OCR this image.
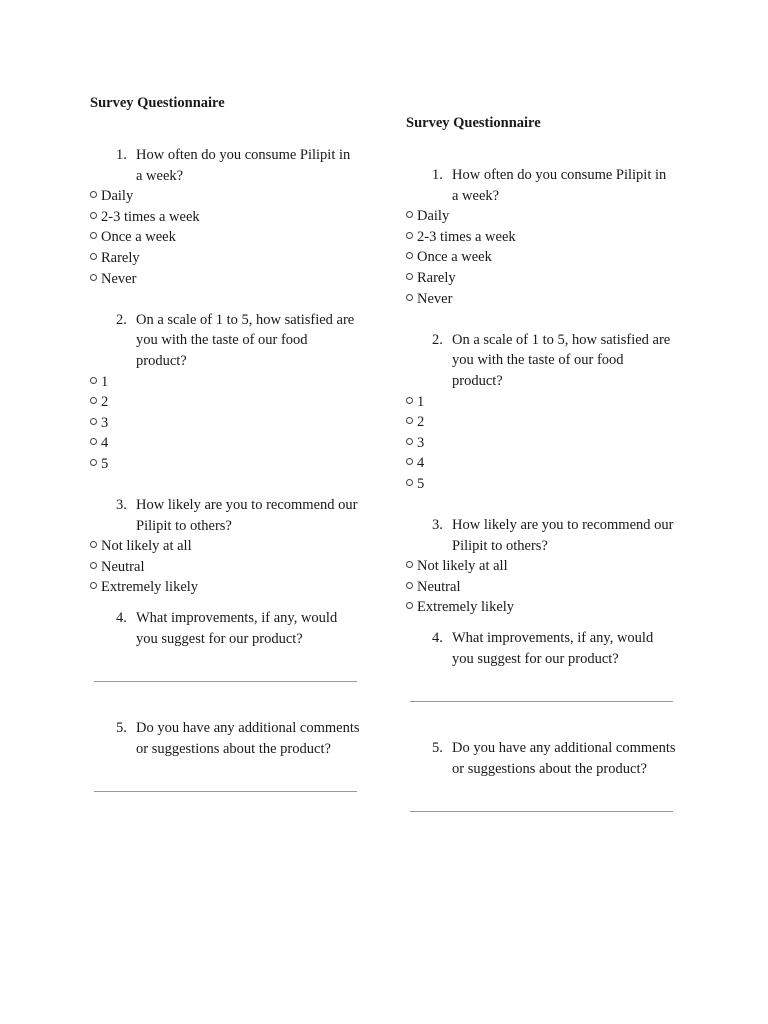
Survey Questionnaire
1. How often do you consume Pilipit in a week?
Daily
2-3 times a week
Once a week
Rarely
Never
2. On a scale of 1 to 5, how satisfied are you with the taste of our food product?
1
2
3
4
5
3. How likely are you to recommend our Pilipit to others?
Not likely at all
Neutral
Extremely likely
4. What improvements, if any, would you suggest for our product?
5. Do you have any additional comments or suggestions about the product?
Survey Questionnaire
1. How often do you consume Pilipit in a week?
Daily
2-3 times a week
Once a week
Rarely
Never
2. On a scale of 1 to 5, how satisfied are you with the taste of our food product?
1
2
3
4
5
3. How likely are you to recommend our Pilipit to others?
Not likely at all
Neutral
Extremely likely
4. What improvements, if any, would you suggest for our product?
5. Do you have any additional comments or suggestions about the product?
